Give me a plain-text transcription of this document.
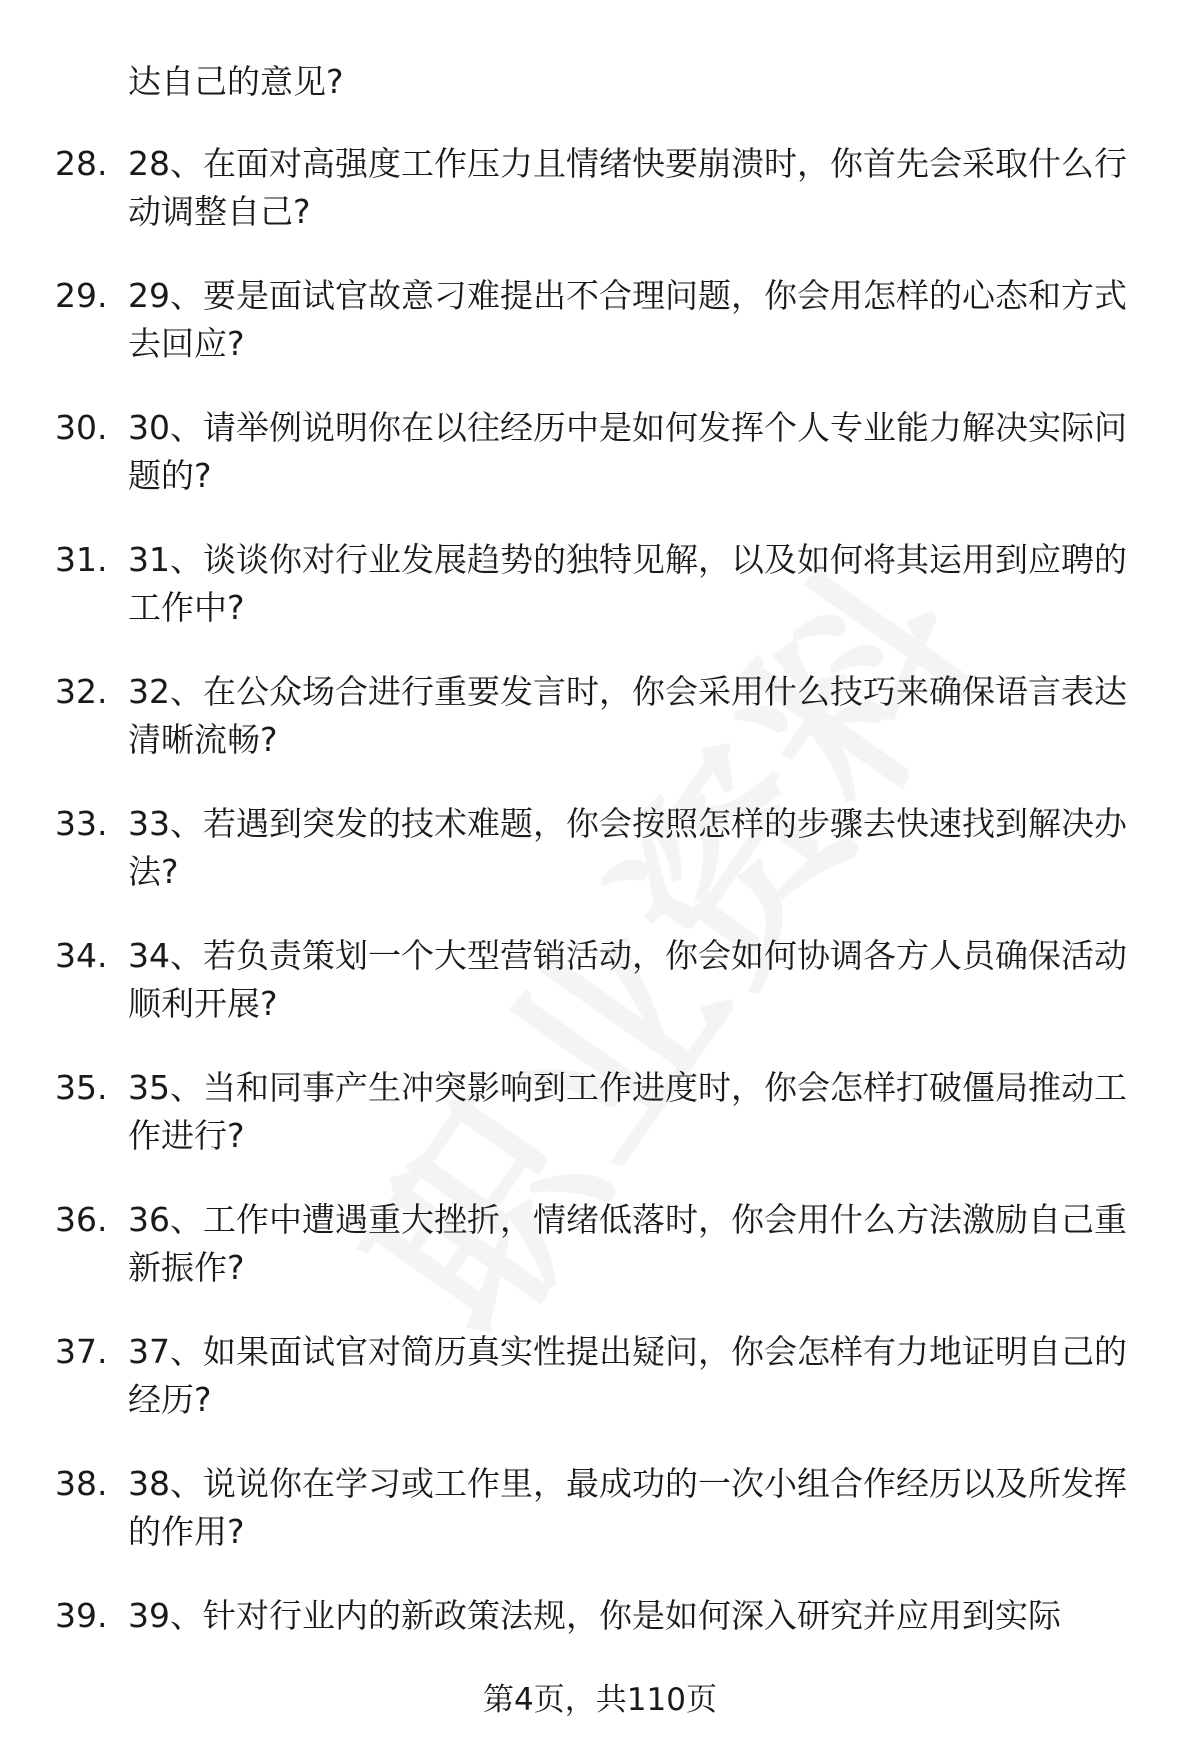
达自己的意见?
28. 28、在面对高强度工作压力且情绪快要崩溃时，你首先会采取什么行动调整自己?
29. 29、要是面试官故意刁难提出不合理问题，你会用怎样的心态和方式去回应?
30. 30、请举例说明你在以往经历中是如何发挥个人专业能力解决实际问题的?
31. 31、谈谈你对行业发展趋势的独特见解，以及如何将其运用到应聘的工作中?
32. 32、在公众场合进行重要发言时，你会采用什么技巧来确保语言表达清晰流畅?
33. 33、若遇到突发的技术难题，你会按照怎样的步骤去快速找到解决办法?
34. 34、若负责策划一个大型营销活动，你会如何协调各方人员确保活动顺利开展?
35. 35、当和同事产生冲突影响到工作进度时，你会怎样打破僵局推动工作进行?
36. 36、工作中遭遇重大挫折，情绪低落时，你会用什么方法激励自己重新振作?
37. 37、如果面试官对简历真实性提出疑问，你会怎样有力地证明自己的经历?
38. 38、说说你在学习或工作里，最成功的一次小组合作经历以及所发挥的作用?
39. 39、针对行业内的新政策法规，你是如何深入研究并应用到实际
第4页，共110页
